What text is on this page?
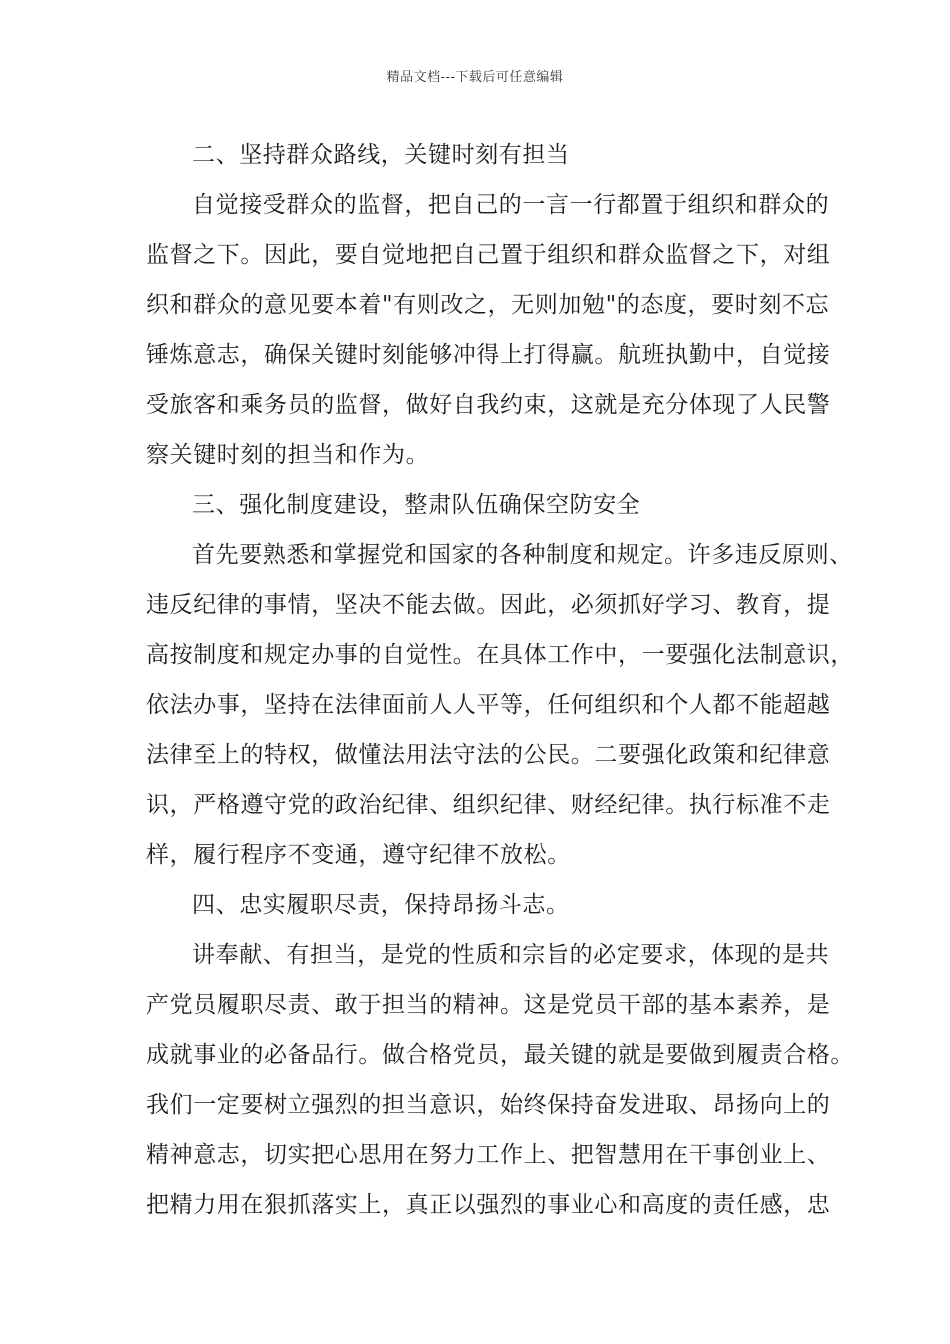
精品文档---下载后可任意编辑
二、坚持群众路线，关键时刻有担当
自觉接受群众的监督，把自己的一言一行都置于组织和群众的
监督之下。因此，要自觉地把自己置于组织和群众监督之下，对组
织和群众的意见要本着"有则改之，无则加勉"的态度，要时刻不忘
锤炼意志，确保关键时刻能够冲得上打得赢。航班执勤中，自觉接
受旅客和乘务员的监督，做好自我约束，这就是充分体现了人民警
察关键时刻的担当和作为。
三、强化制度建设，整肃队伍确保空防安全
首先要熟悉和掌握党和国家的各种制度和规定。许多违反原则、
违反纪律的事情，坚决不能去做。因此，必须抓好学习、教育，提
高按制度和规定办事的自觉性。在具体工作中，一要强化法制意识，
依法办事，坚持在法律面前人人平等，任何组织和个人都不能超越
法律至上的特权，做懂法用法守法的公民。二要强化政策和纪律意
识，严格遵守党的政治纪律、组织纪律、财经纪律。执行标准不走
样，履行程序不变通，遵守纪律不放松。
四、忠实履职尽责，保持昂扬斗志。
讲奉献、有担当，是党的性质和宗旨的必定要求，体现的是共
产党员履职尽责、敢于担当的精神。这是党员干部的基本素养，是
成就事业的必备品行。做合格党员，最关键的就是要做到履责合格。
我们一定要树立强烈的担当意识，始终保持奋发进取、昂扬向上的
精神意志，切实把心思用在努力工作上、把智慧用在干事创业上、
把精力用在狠抓落实上，真正以强烈的事业心和高度的责任感，忠
